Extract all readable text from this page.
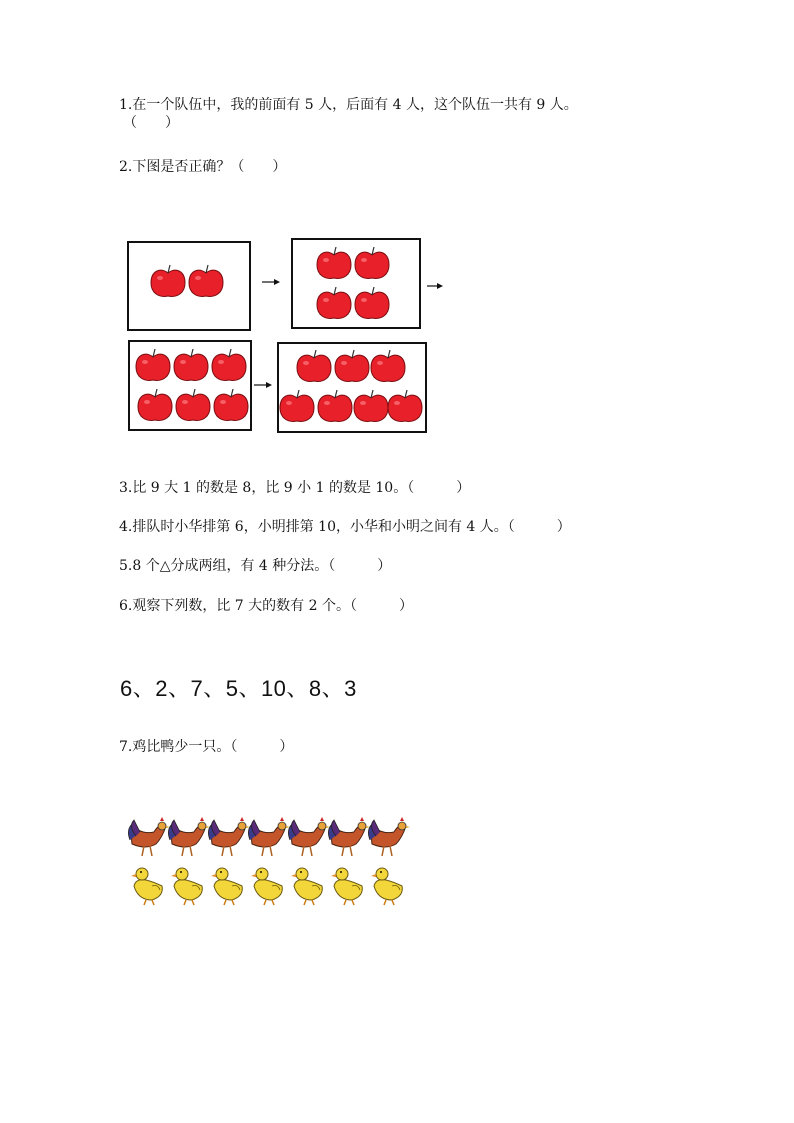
1.在一个队伍中，我的前面有 5 人，后面有 4 人，这个队伍一共有 9 人。
（　　）
2.下图是否正确？（　　）
3.比 9 大 1 的数是 8，比 9 小 1 的数是 10。（　　　）
4.排队时小华排第 6，小明排第 10，小华和小明之间有 4 人。（　　　）
5.8 个△分成两组，有 4 种分法。（　　　）
6.观察下列数，比 7 大的数有 2 个。（　　　）
6、2、7、5、10、8、3
7.鸡比鸭少一只。（　　　）
